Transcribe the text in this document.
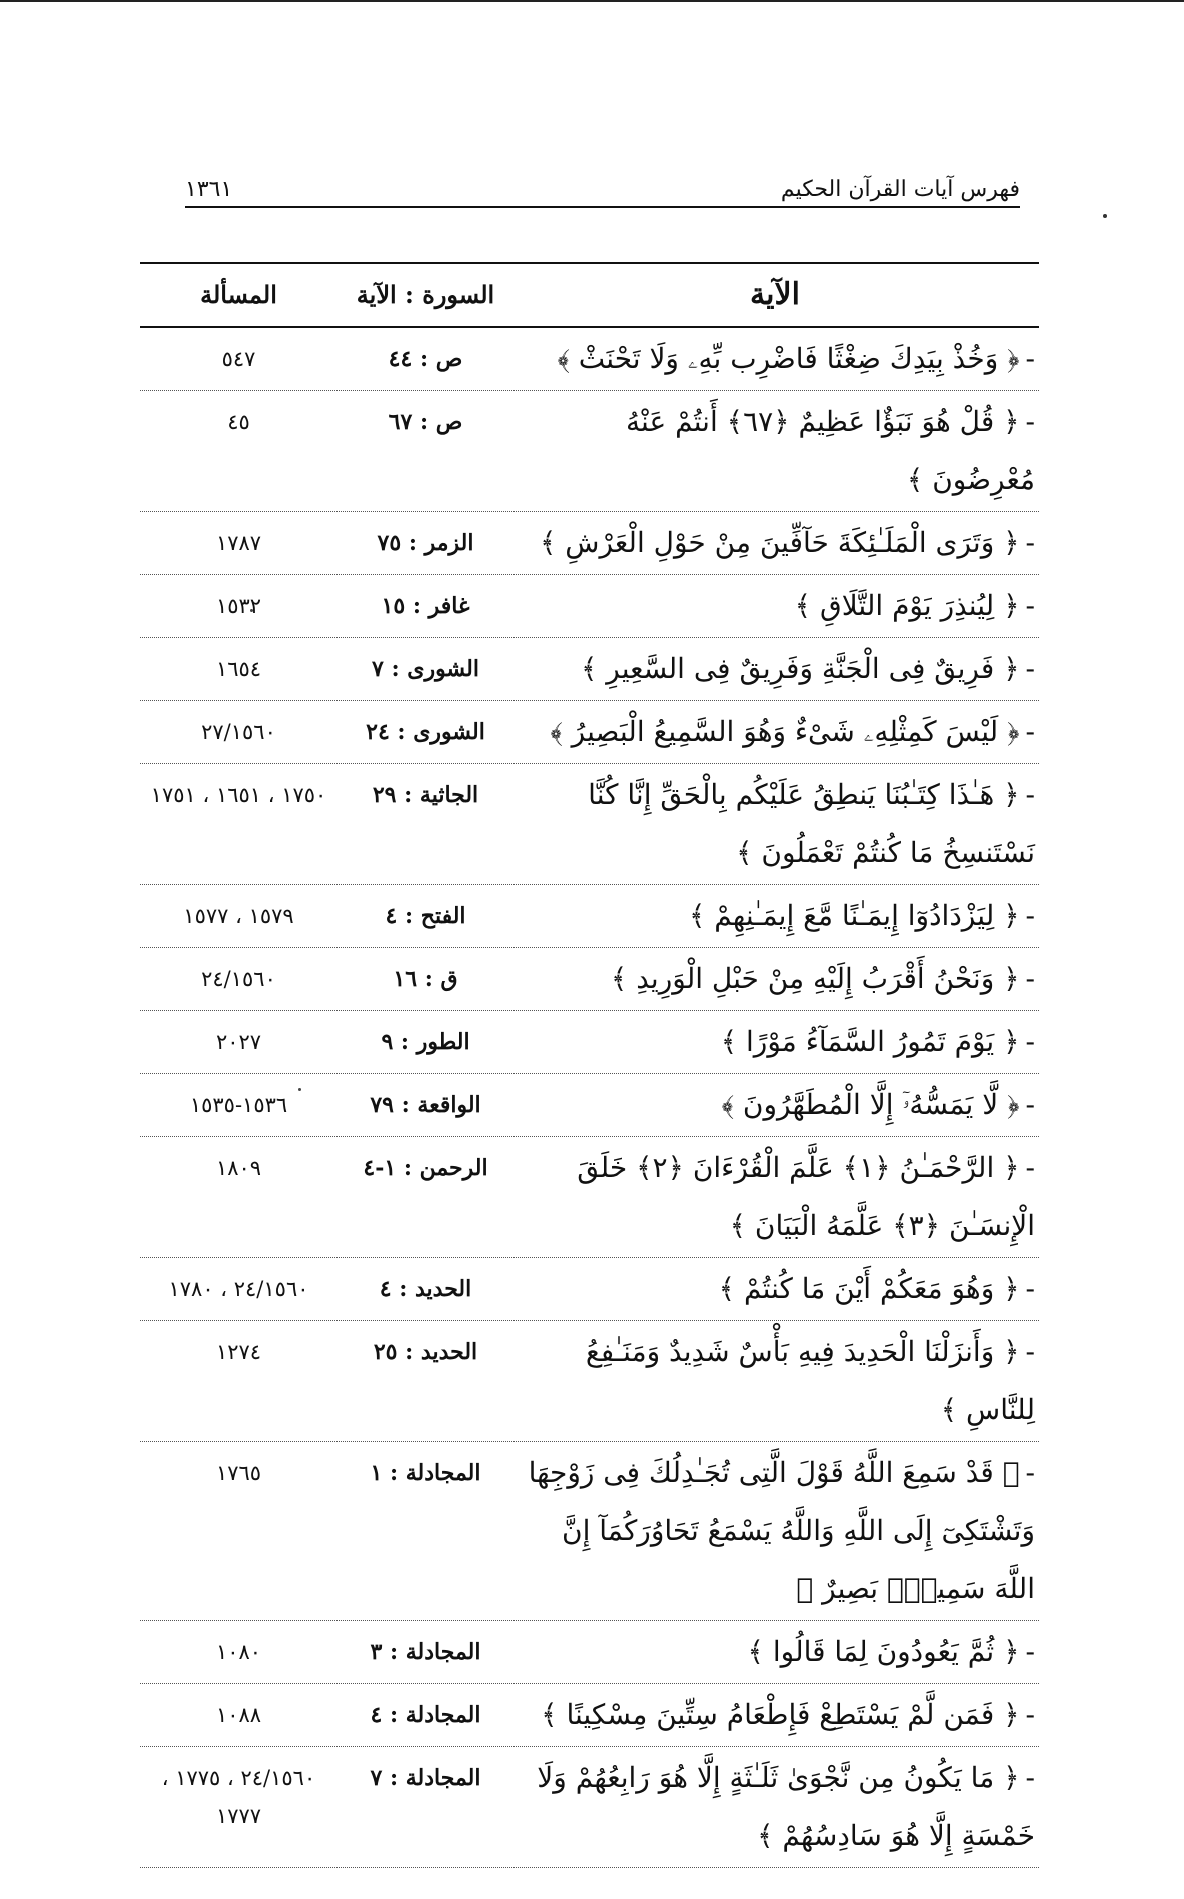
فهرس آيات القرآن الحكيم
١٣٦١
الآية	السورة : الآية	المسألة
-﴿ وَخُذْ بِيَدِكَ ضِغْثًا فَاضْرِب بِّهِۦ وَلَا تَحْنَثْ ﴾	ص : ٤٤	٥٤٧
-﴿ قُلْ هُوَ نَبَؤٌا عَظِيمٌ ﴿٦٧﴾ أَنتُمْ عَنْهُ مُعْرِضُونَ ﴾	ص : ٦٧	٤٥
-﴿ وَتَرَى الْمَلَـٰئِكَةَ حَآفِّينَ مِنْ حَوْلِ الْعَرْشِ ﴾	الزمر : ٧٥	١٧٨٧
-﴿ لِيُنذِرَ يَوْمَ التَّلَاقِ ﴾	غافر : ١٥	١٥٣٢
-﴿ فَرِيقٌ فِى الْجَنَّةِ وَفَرِيقٌ فِى السَّعِيرِ ﴾	الشورى : ٧	١٦٥٤
-﴿ لَيْسَ كَمِثْلِهِۦ شَىْءٌ وَهُوَ السَّمِيعُ الْبَصِيرُ ﴾	الشورى : ٢٤	٢٧/١٥٦٠
-﴿ هَـٰذَا كِتَـٰبُنَا يَنطِقُ عَلَيْكُم بِالْحَقِّ إِنَّا كُنَّا نَسْتَنسِخُ مَا كُنتُمْ تَعْمَلُونَ ﴾	الجاثية : ٢٩	١٧٥٠ ، ١٦٥١ ، ١٧٥١
-﴿ لِيَزْدَادُوٓا إِيمَـٰنًا مَّعَ إِيمَـٰنِهِمْ ﴾	الفتح : ٤	١٥٧٩ ، ١٥٧٧
-﴿ وَنَحْنُ أَقْرَبُ إِلَيْهِ مِنْ حَبْلِ الْوَرِيدِ ﴾	ق : ١٦	٢٤/١٥٦٠
-﴿ يَوْمَ تَمُورُ السَّمَآءُ مَوْرًا ﴾	الطور : ٩	٢٠٢٧
-﴿ لَّا يَمَسُّهُۥٓ إِلَّا الْمُطَهَّرُونَ ﴾	الواقعة : ٧٩	١٥٣٦-١٥٣٥
-﴿ الرَّحْمَـٰنُ ﴿١﴾ عَلَّمَ الْقُرْءَانَ ﴿٢﴾ خَلَقَ الْإِنسَـٰنَ ﴿٣﴾ عَلَّمَهُ الْبَيَانَ ﴾	الرحمن : ١-٤	١٨٠٩
-﴿ وَهُوَ مَعَكُمْ أَيْنَ مَا كُنتُمْ ﴾	الحديد : ٤	٢٤/١٥٦٠ ، ١٧٨٠
-﴿ وَأَنزَلْنَا الْحَدِيدَ فِيهِ بَأْسٌ شَدِيدٌ وَمَنَـٰفِعُ لِلنَّاسِ ﴾	الحديد : ٢٥	١٢٧٤
-﴿ قَدْ سَمِعَ اللَّهُ قَوْلَ الَّتِى تُجَـٰدِلُكَ فِى زَوْجِهَا وَتَشْتَكِىٓ إِلَى اللَّهِ وَاللَّهُ يَسْمَعُ تَحَاوُرَكُمَآ إِنَّ اللَّهَ سَمِيعٌۢ بَصِيرٌ ﴾	المجادلة : ١	١٧٦٥
-﴿ ثُمَّ يَعُودُونَ لِمَا قَالُوا ﴾	المجادلة : ٣	١٠٨٠
-﴿ فَمَن لَّمْ يَسْتَطِعْ فَإِطْعَامُ سِتِّينَ مِسْكِينًا ﴾	المجادلة : ٤	١٠٨٨
-﴿ مَا يَكُونُ مِن نَّجْوَىٰ ثَلَـٰثَةٍ إِلَّا هُوَ رَابِعُهُمْ وَلَا خَمْسَةٍ إِلَّا هُوَ سَادِسُهُمْ ﴾	المجادلة : ٧	٢٤/١٥٦٠ ، ١٧٧٥ ، ١٧٧٧
